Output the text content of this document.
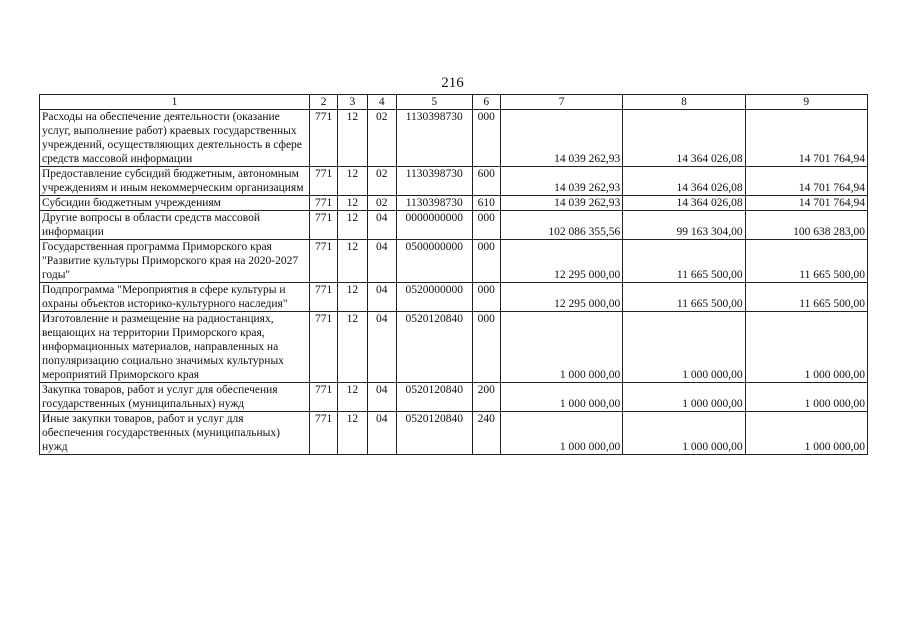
216
1	2	3	4	5	6	7	8	9
Расходы на обеспечение деятельности (оказание услуг, выполнение работ) краевых государственных учреждений, осуществляющих деятельность в сфере средств массовой информации	771	12	02	1130398730	000	14 039 262,93	14 364 026,08	14 701 764,94
Предоставление субсидий бюджетным, автономным учреждениям и иным некоммерческим организациям	771	12	02	1130398730	600	14 039 262,93	14 364 026,08	14 701 764,94
Субсидии бюджетным учреждениям	771	12	02	1130398730	610	14 039 262,93	14 364 026,08	14 701 764,94
Другие вопросы в области средств массовой информации	771	12	04	0000000000	000	102 086 355,56	99 163 304,00	100 638 283,00
Государственная программа Приморского края "Развитие культуры Приморского края на 2020-2027 годы"	771	12	04	0500000000	000	12 295 000,00	11 665 500,00	11 665 500,00
Подпрограмма "Мероприятия в сфере культуры и охраны объектов историко-культурного наследия"	771	12	04	0520000000	000	12 295 000,00	11 665 500,00	11 665 500,00
Изготовление и размещение на радиостанциях, вещающих на территории Приморского края, информационных материалов, направленных на популяризацию социально значимых культурных мероприятий Приморского края	771	12	04	0520120840	000	1 000 000,00	1 000 000,00	1 000 000,00
Закупка товаров, работ и услуг для обеспечения государственных (муниципальных) нужд	771	12	04	0520120840	200	1 000 000,00	1 000 000,00	1 000 000,00
Иные закупки товаров, работ и услуг для обеспечения государственных (муниципальных) нужд	771	12	04	0520120840	240	1 000 000,00	1 000 000,00	1 000 000,00
